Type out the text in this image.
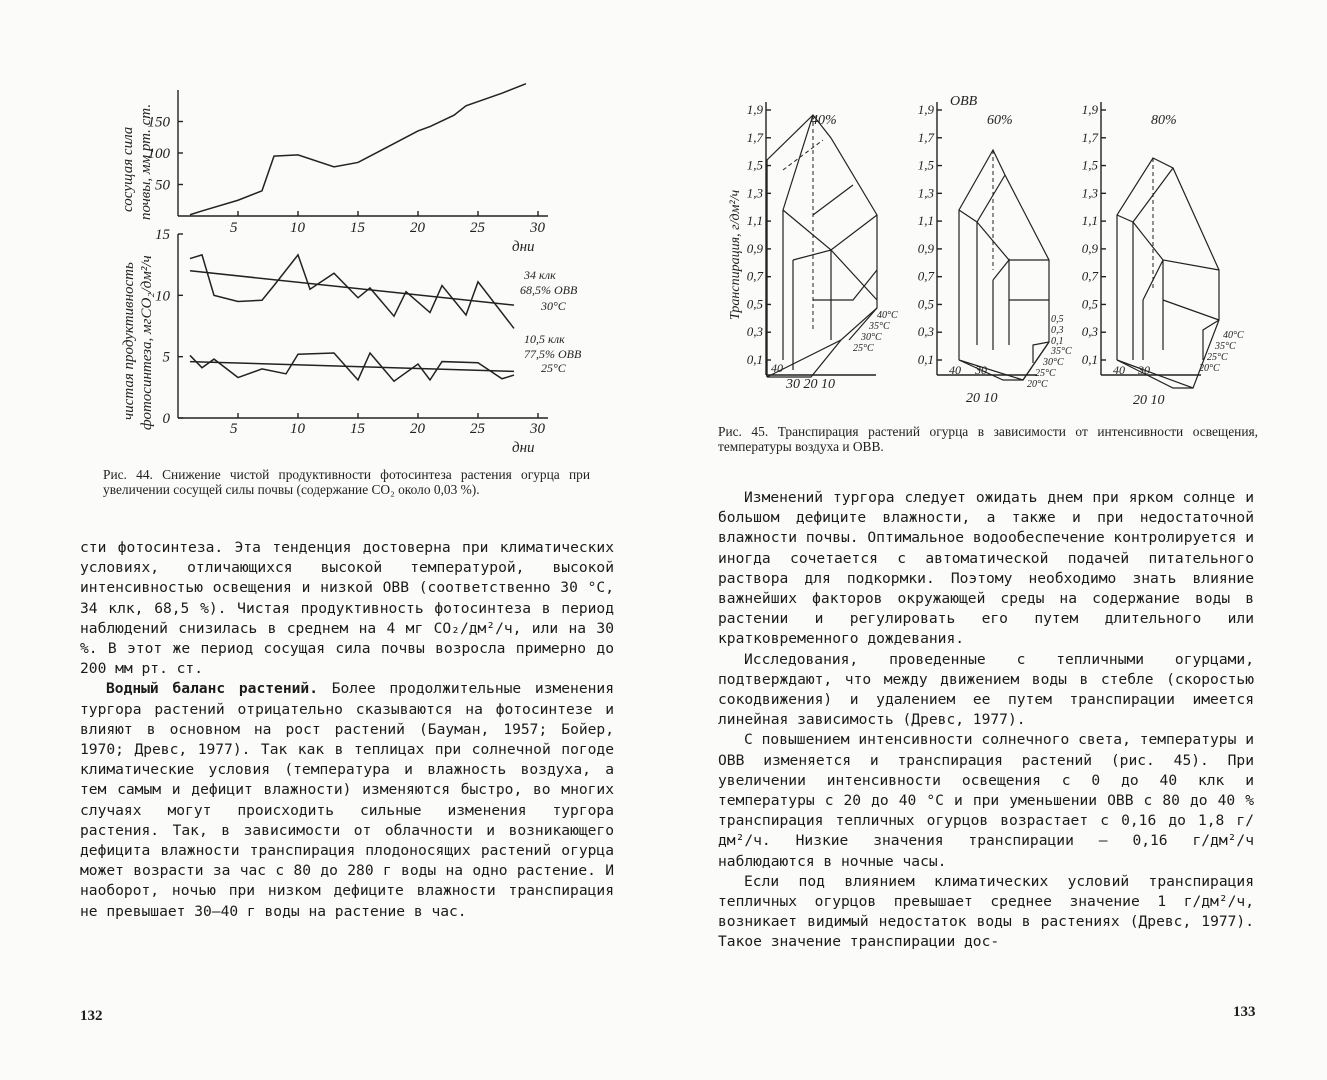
5	10	15	20	25	30
50
100
150
5	10	15	20	25	30
0
5
10
15
сосущая сила почвы, мм рт. ст.
чистая продуктивность фотосинтеза, мгCO₂/дм²/ч
дни
дни
34 клк
68,5% ОВВ
30°C
10,5 клк
77,5% ОВВ
25°C
Рис. 44. Снижение чистой продуктивности фотосинтеза растения огурца при увеличении сосущей силы почвы (содержание CO₂ около 0,03 %).

сти фотосинтеза. Эта тенденция достоверна при климатических условиях, отличающихся высокой температурой, высокой интенсивностью освещения и низкой ОВВ (соответственно 30 °С, 34 клк, 68,5 %). Чистая продуктивность фотосинтеза в период наблюдений снизилась в среднем на 4 мг CO₂/дм²/ч, или на 30 %. В этот же период сосущая сила почвы возросла примерно до 200 мм рт. ст.

Водный баланс растений. Более продолжительные изменения тургора растений отрицательно сказываются на фотосинтезе и влияют в основном на рост растений (Бауман, 1957; Бойер, 1970; Древс, 1977). Так как в теплицах при солнечной погоде климатические условия (температура и влажность воздуха, а тем самым и дефицит влажности) изменяются быстро, во многих случаях могут происходить сильные изменения тургора растения. Так, в зависимости от облачности и возникающего дефицита влажности транспирация плодоносящих растений огурца может возрасти за час с 80 до 280 г воды на одно растение. И наоборот, ночью при низком дефиците влажности транспирация не превышает 30—40 г воды на растение в час.

132
ОВВ
Транспирация, г/дм²/ч
0,1
0,3
0,5
0,7
0,9
1,1
1,3
1,5
1,7
1,9
40%
40°C
35°C
30°C
25°C
0,1
0,3
0,5
0,7
0,9
1,1
1,3
1,5
1,7
1,9
60%
35°C
30°C
25°C
20°C
0,5
0,3
0,1
0,1
0,3
0,5
0,7
0,9
1,1
1,3
1,5
1,7
1,9
80%
40°C
35°C
25°C
20°C
40
30 20 10
40 30
20 10
40 30
20 10
Рис. 45. Транспирация растений огурца в зависимости от интенсивности освещения, температуры воздуха и ОВВ.

Изменений тургора следует ожидать днем при ярком солнце и большом дефиците влажности, а также и при недостаточной влажности почвы. Оптимальное водообеспечение контролируется и иногда сочетается с автоматической подачей питательного раствора для подкормки. Поэтому необходимо знать влияние важнейших факторов окружающей среды на содержание воды в растении и регулировать его путем длительного или кратковременного дождевания.

Исследования, проведенные с тепличными огурцами, подтверждают, что между движением воды в стебле (скоростью сокодвижения) и удалением ее путем транспирации имеется линейная зависимость (Древс, 1977).

С повышением интенсивности солнечного света, температуры и ОВВ изменяется и транспирация растений (рис. 45). При увеличении интенсивности освещения с 0 до 40 клк и температуры с 20 до 40 °С и при уменьшении ОВВ с 80 до 40 % транспирация тепличных огурцов возрастает с 0,16 до 1,8 г/дм²/ч. Низкие значения транспирации — 0,16 г/дм²/ч наблюдаются в ночные часы.

Если под влиянием климатических условий транспирация тепличных огурцов превышает среднее значение 1 г/дм²/ч, возникает видимый недостаток воды в растениях (Древс, 1977). Такое значение транспирации дос-

133
